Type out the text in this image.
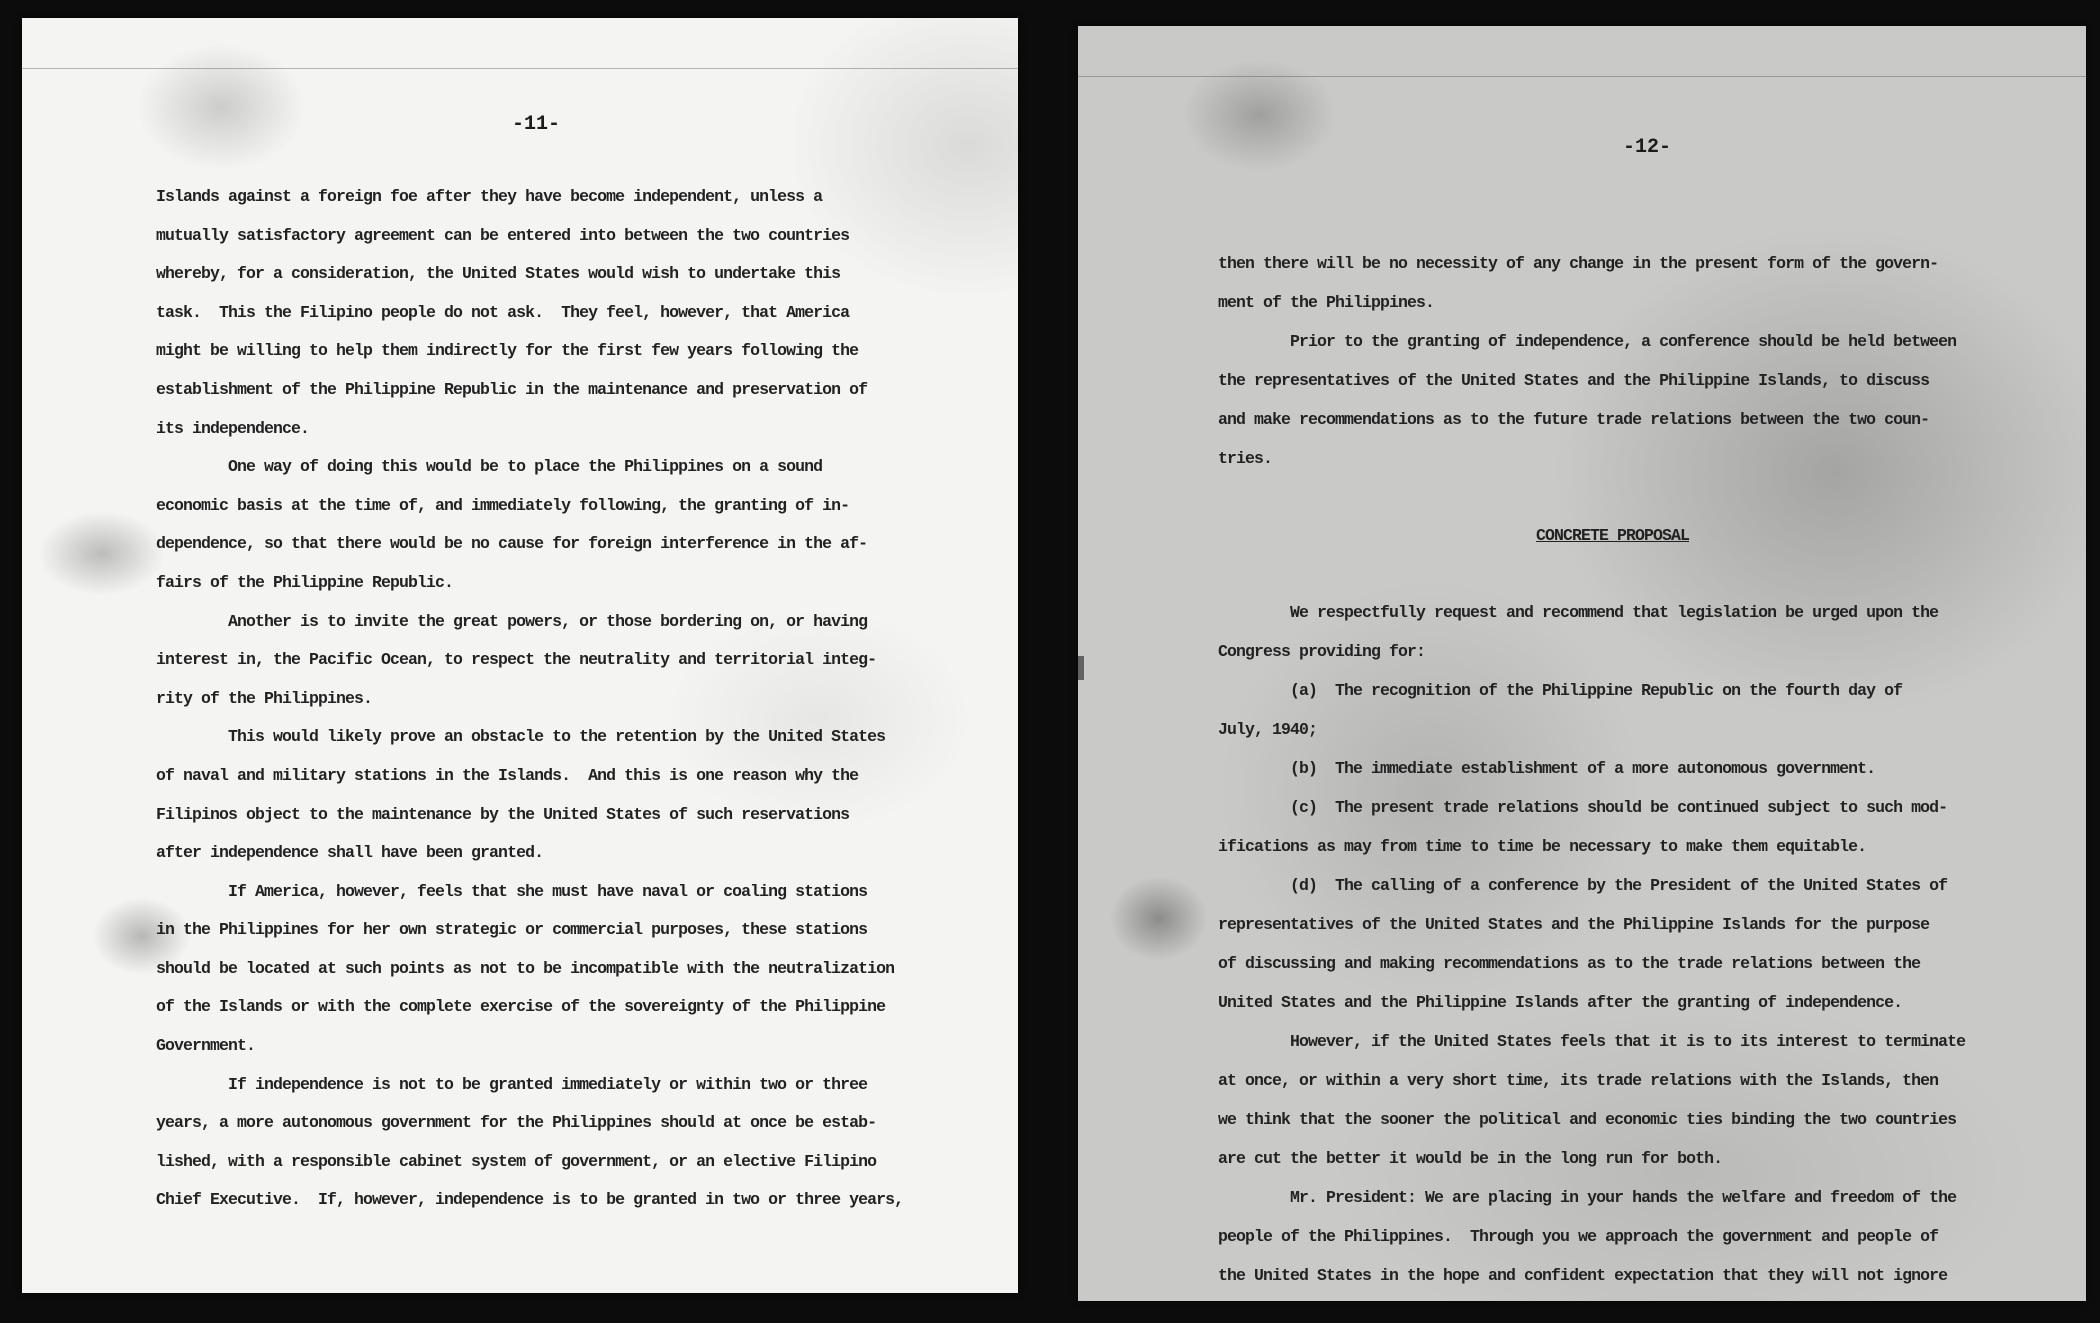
-11-
Islands against a foreign foe after they have become independent, unless a
mutually satisfactory agreement can be entered into between the two countries
whereby, for a consideration, the United States would wish to undertake this
task.  This the Filipino people do not ask.  They feel, however, that America
might be willing to help them indirectly for the first few years following the
establishment of the Philippine Republic in the maintenance and preservation of
its independence.
One way of doing this would be to place the Philippines on a sound
economic basis at the time of, and immediately following, the granting of in-
dependence, so that there would be no cause for foreign interference in the af-
fairs of the Philippine Republic.
Another is to invite the great powers, or those bordering on, or having
interest in, the Pacific Ocean, to respect the neutrality and territorial integ-
rity of the Philippines.
This would likely prove an obstacle to the retention by the United States
of naval and military stations in the Islands.  And this is one reason why the
Filipinos object to the maintenance by the United States of such reservations
after independence shall have been granted.
If America, however, feels that she must have naval or coaling stations
in the Philippines for her own strategic or commercial purposes, these stations
should be located at such points as not to be incompatible with the neutralization
of the Islands or with the complete exercise of the sovereignty of the Philippine
Government.
If independence is not to be granted immediately or within two or three
years, a more autonomous government for the Philippines should at once be estab-
lished, with a responsible cabinet system of government, or an elective Filipino
Chief Executive.  If, however, independence is to be granted in two or three years,
-12-

then there will be no necessity of any change in the present form of the govern-
ment of the Philippines.
Prior to the granting of independence, a conference should be held between
the representatives of the United States and the Philippine Islands, to discuss
and make recommendations as to the future trade relations between the two coun-
tries.

CONCRETE PROPOSAL

We respectfully request and recommend that legislation be urged upon the
Congress providing for:
(a)  The recognition of the Philippine Republic on the fourth day of
July, 1940;
(b)  The immediate establishment of a more autonomous government.
(c)  The present trade relations should be continued subject to such mod-
ifications as may from time to time be necessary to make them equitable.
(d)  The calling of a conference by the President of the United States of
representatives of the United States and the Philippine Islands for the purpose
of discussing and making recommendations as to the trade relations between the
United States and the Philippine Islands after the granting of independence.
However, if the United States feels that it is to its interest to terminate
at once, or within a very short time, its trade relations with the Islands, then
we think that the sooner the political and economic ties binding the two countries
are cut the better it would be in the long run for both.
Mr. President: We are placing in your hands the welfare and freedom of the
people of the Philippines.  Through you we approach the government and people of
the United States in the hope and confident expectation that they will not ignore
